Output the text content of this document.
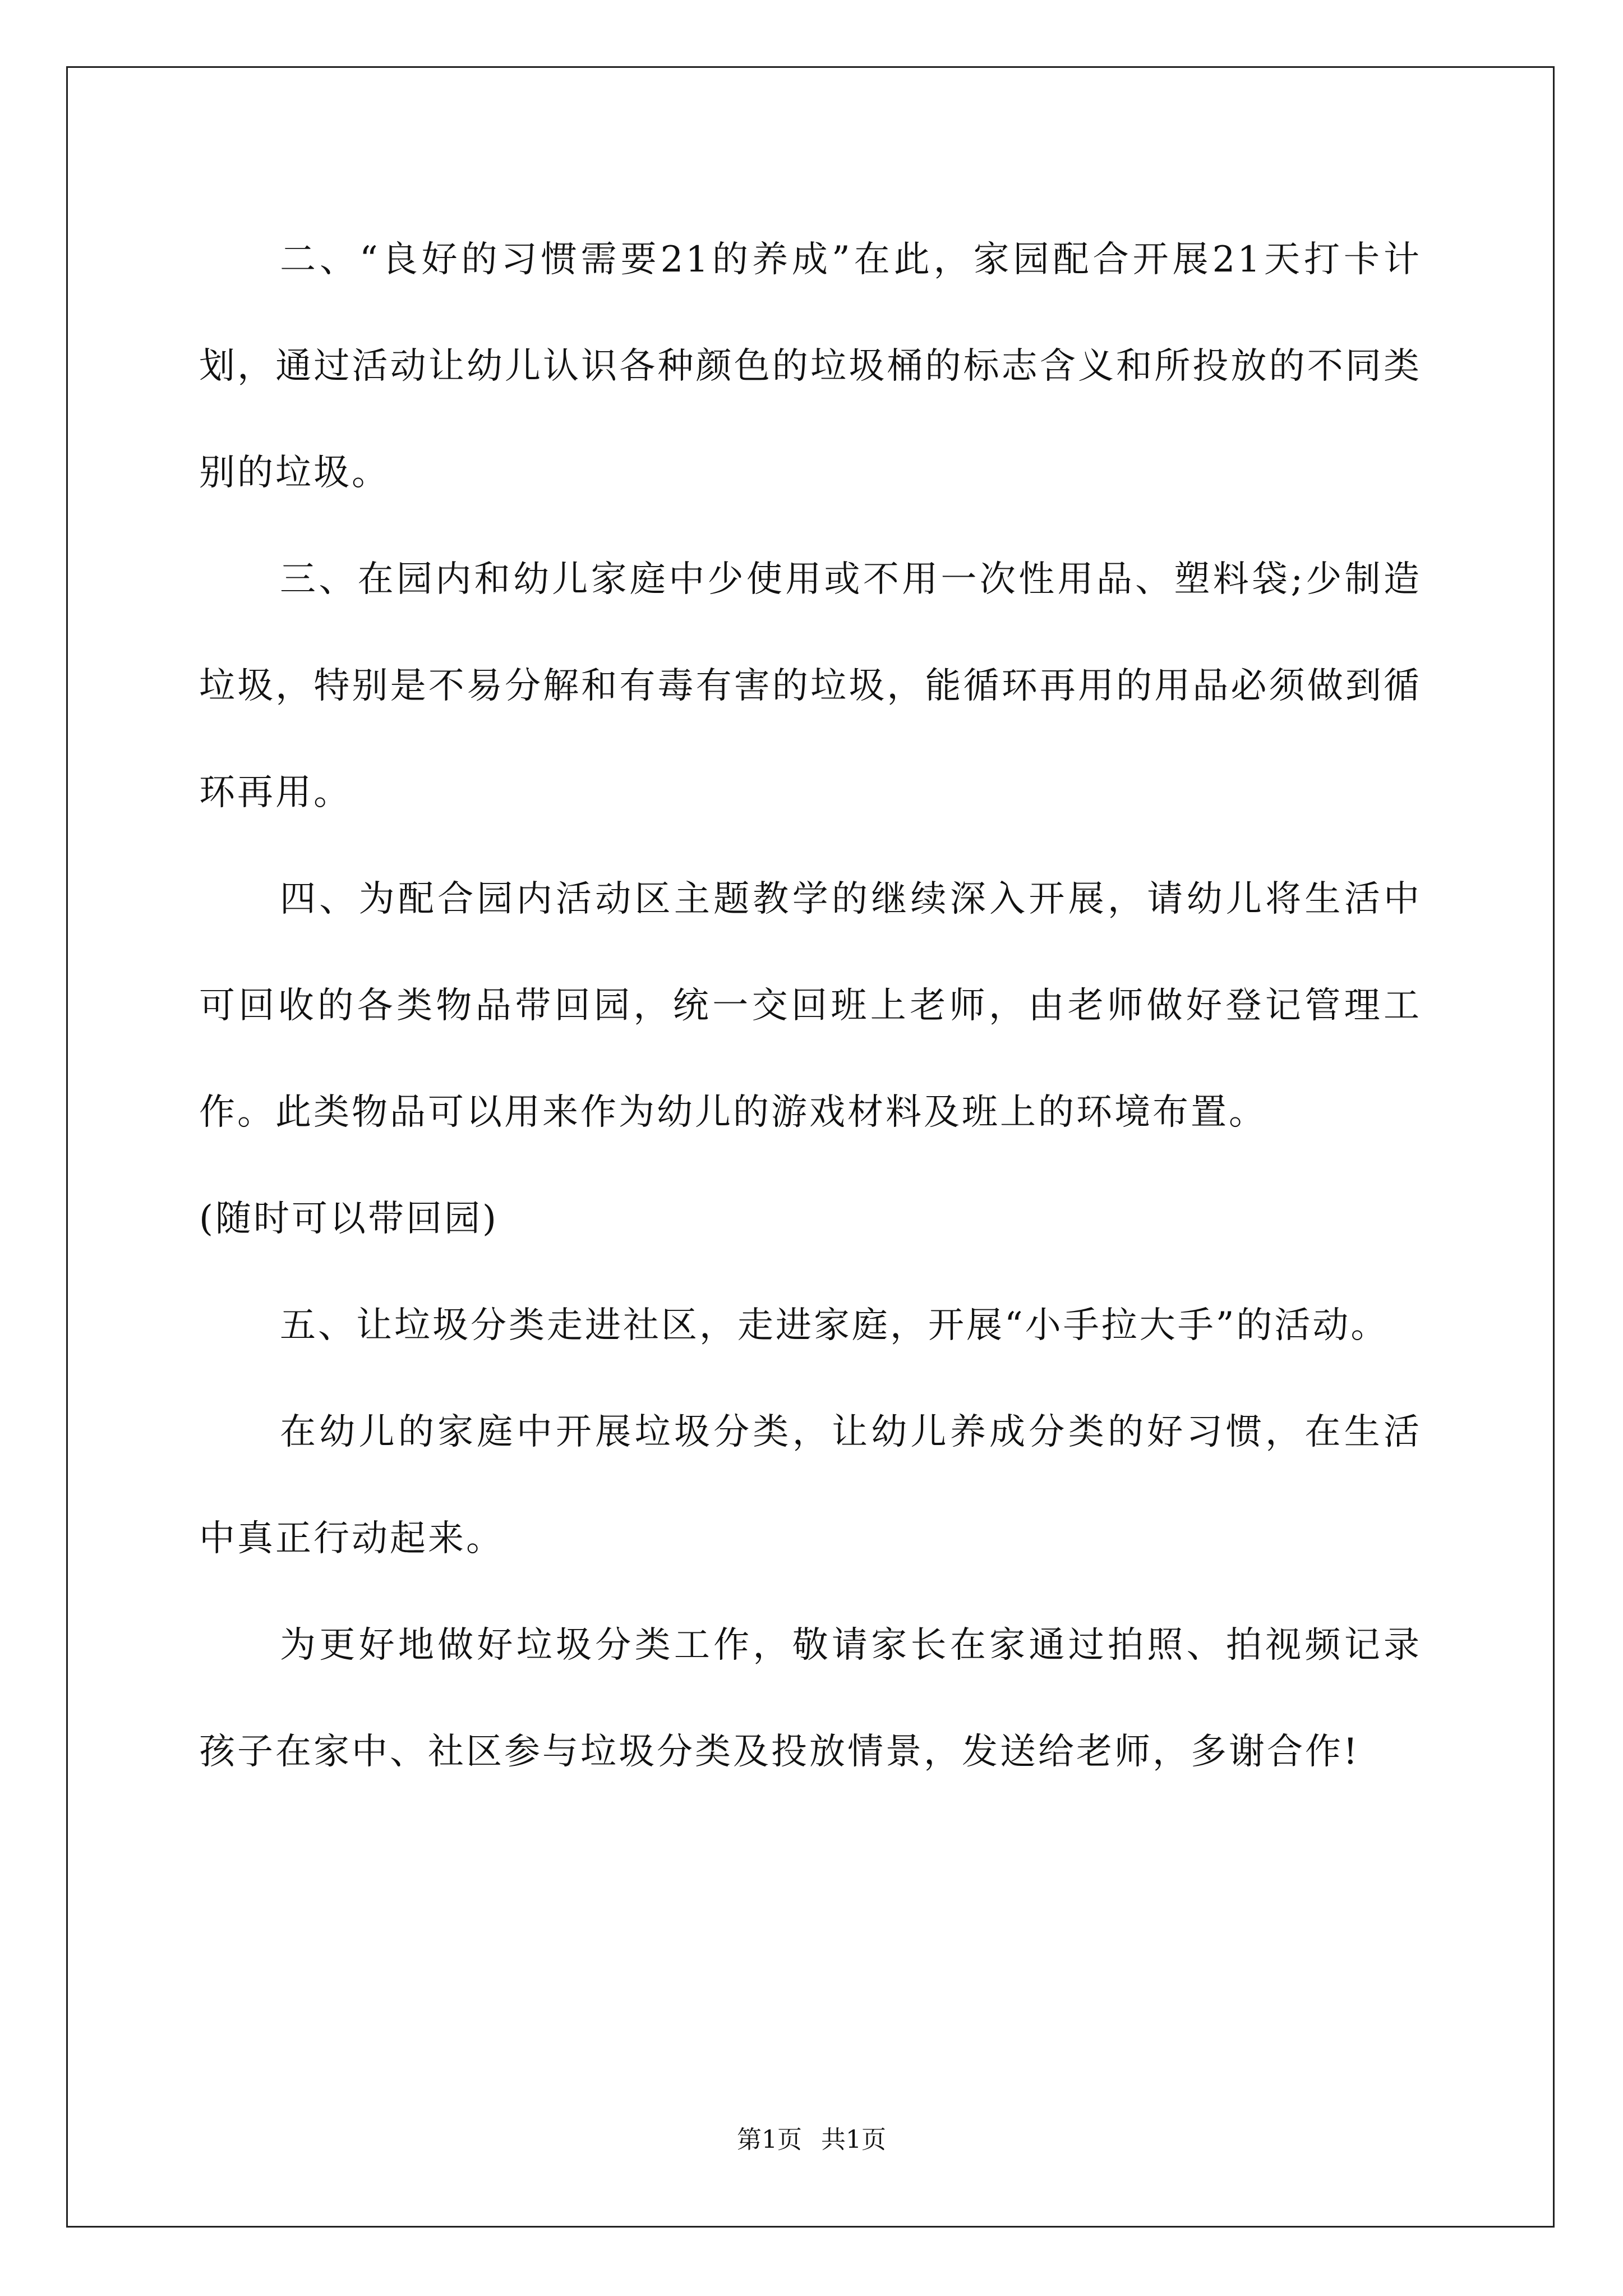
二、“良好的习惯需要21的养成”在此，家园配合开展21天打卡计划，通过活动让幼儿认识各种颜色的垃圾桶的标志含义和所投放的不同类别的垃圾。

三、在园内和幼儿家庭中少使用或不用一次性用品、塑料袋;少制造垃圾，特别是不易分解和有毒有害的垃圾，能循环再用的用品必须做到循环再用。

四、为配合园内活动区主题教学的继续深入开展，请幼儿将生活中可回收的各类物品带回园，统一交回班上老师，由老师做好登记管理工作。此类物品可以用来作为幼儿的游戏材料及班上的环境布置。

(随时可以带回园)

五、让垃圾分类走进社区，走进家庭，开展“小手拉大手”的活动。

在幼儿的家庭中开展垃圾分类，让幼儿养成分类的好习惯，在生活中真正行动起来。

为更好地做好垃圾分类工作，敬请家长在家通过拍照、拍视频记录孩子在家中、社区参与垃圾分类及投放情景，发送给老师，多谢合作!

第1页 共1页
